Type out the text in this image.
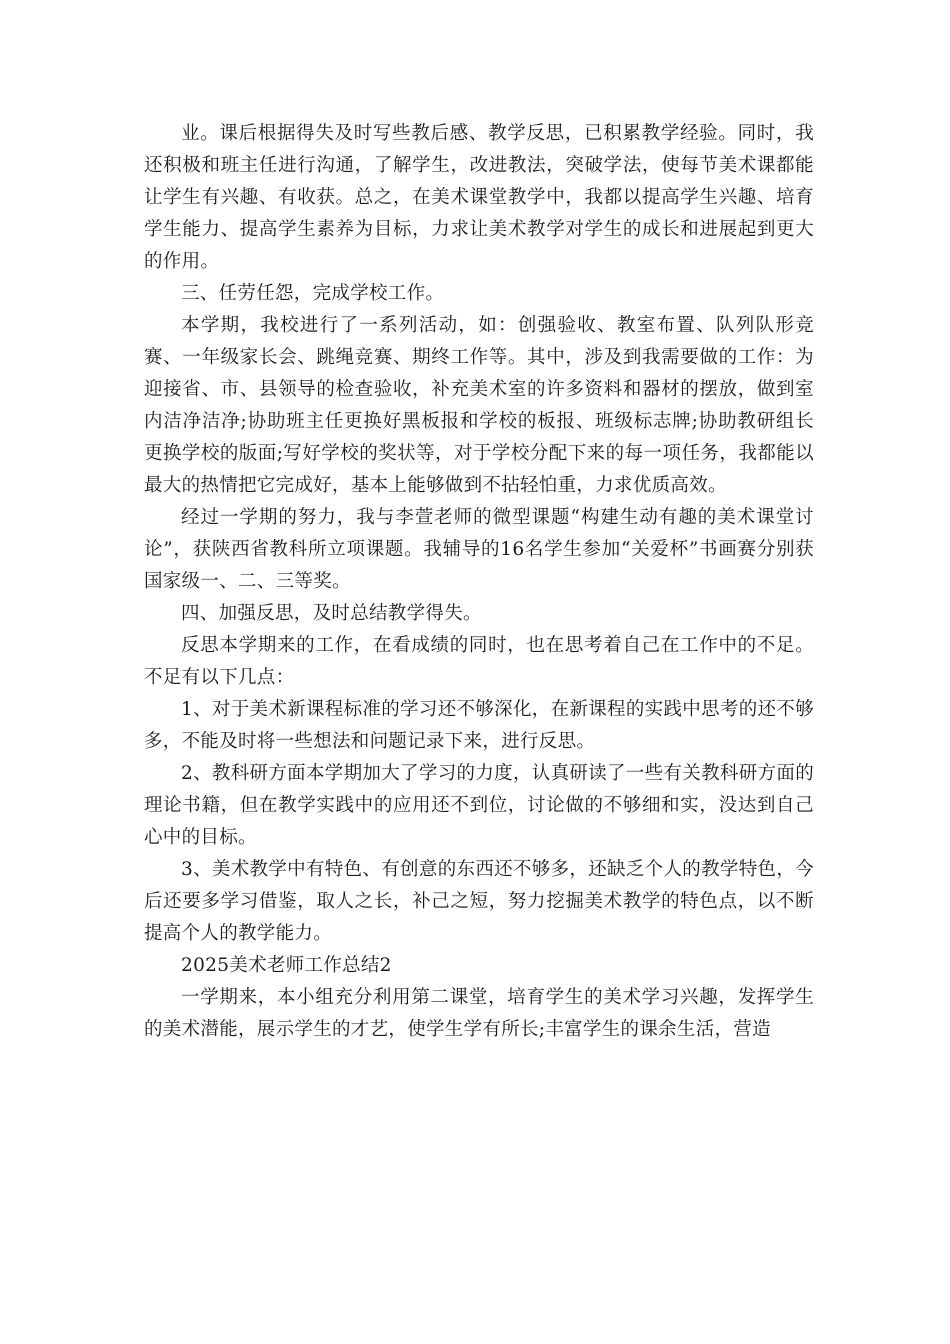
业。课后根据得失及时写些教后感、教学反思，已积累教学经验。同时，我还积极和班主任进行沟通，了解学生，改进教法，突破学法，使每节美术课都能让学生有兴趣、有收获。总之，在美术课堂教学中，我都以提高学生兴趣、培育学生能力、提高学生素养为目标，力求让美术教学对学生的成长和进展起到更大的作用。

三、任劳任怨，完成学校工作。

本学期，我校进行了一系列活动，如：创强验收、教室布置、队列队形竞赛、一年级家长会、跳绳竞赛、期终工作等。其中，涉及到我需要做的工作：为迎接省、市、县领导的检查验收，补充美术室的许多资料和器材的摆放，做到室内洁净洁净;协助班主任更换好黑板报和学校的板报、班级标志牌;协助教研组长更换学校的版面;写好学校的奖状等，对于学校分配下来的每一项任务，我都能以最大的热情把它完成好，基本上能够做到不拈轻怕重，力求优质高效。

经过一学期的努力，我与李萱老师的微型课题“构建生动有趣的美术课堂讨论”，获陕西省教科所立项课题。我辅导的16名学生参加“关爱杯”书画赛分别获国家级一、二、三等奖。

四、加强反思，及时总结教学得失。

反思本学期来的工作，在看成绩的同时，也在思考着自己在工作中的不足。不足有以下几点：

1、对于美术新课程标准的学习还不够深化，在新课程的实践中思考的还不够多，不能及时将一些想法和问题记录下来，进行反思。

2、教科研方面本学期加大了学习的力度，认真研读了一些有关教科研方面的理论书籍，但在教学实践中的应用还不到位，讨论做的不够细和实，没达到自己心中的目标。

3、美术教学中有特色、有创意的东西还不够多，还缺乏个人的教学特色，今后还要多学习借鉴，取人之长，补己之短，努力挖掘美术教学的特色点，以不断提高个人的教学能力。

2025美术老师工作总结2

一学期来，本小组充分利用第二课堂，培育学生的美术学习兴趣，发挥学生的美术潜能，展示学生的才艺，使学生学有所长;丰富学生的课余生活，营造
